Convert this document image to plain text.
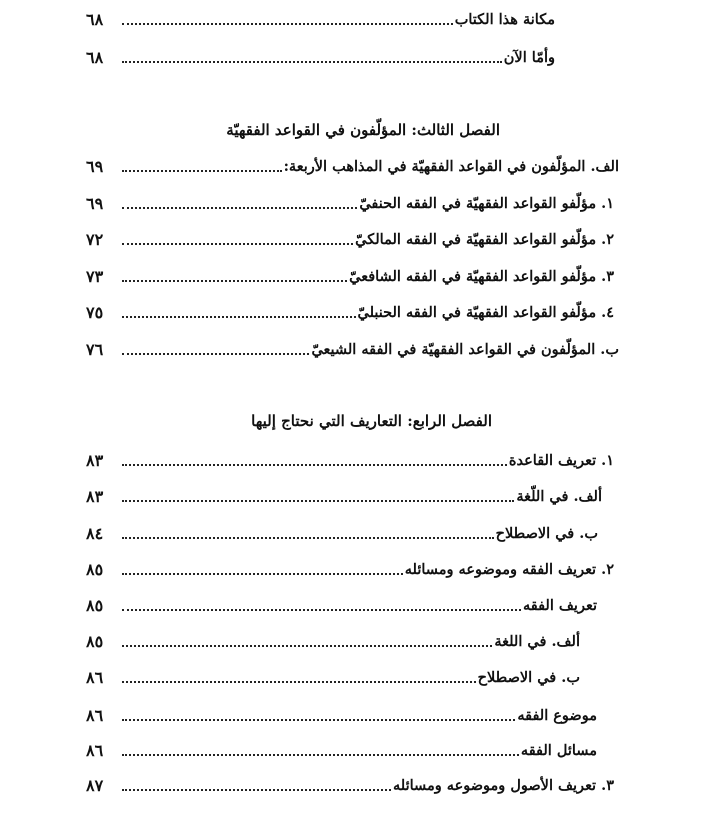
مكانة هذا الكتاب
٦٨
وأمّا الآن
٦٨
الفصل الثالث: المؤلّفون في القواعد الفقهيّة
الف. المؤلّفون في القواعد الفقهيّة في المذاهب الأربعة:
٦٩
١. مؤلّفو القواعد الفقهيّة في الفقه الحنفيّ
٦٩
٢. مؤلّفو القواعد الفقهيّة في الفقه المالكيّ
٧٢
٣. مؤلّفو القواعد الفقهيّة في الفقه الشافعيّ
٧٣
٤. مؤلّفو القواعد الفقهيّة في الفقه الحنبليّ
٧٥
ب. المؤلّفون في القواعد الفقهيّة في الفقه الشيعيّ
٧٦
الفصل الرابع: التعاريف التي نحتاج إليها
١. تعريف القاعدة
٨٣
ألف. في اللّغة
٨٣
ب. في الاصطلاح
٨٤
٢. تعريف الفقه وموضوعه ومسائله
٨٥
تعريف الفقه
٨٥
ألف. في اللغة
٨٥
ب. في الاصطلاح
٨٦
موضوع الفقه
٨٦
مسائل الفقه
٨٦
٣. تعريف الأصول وموضوعه ومسائله
٨٧
